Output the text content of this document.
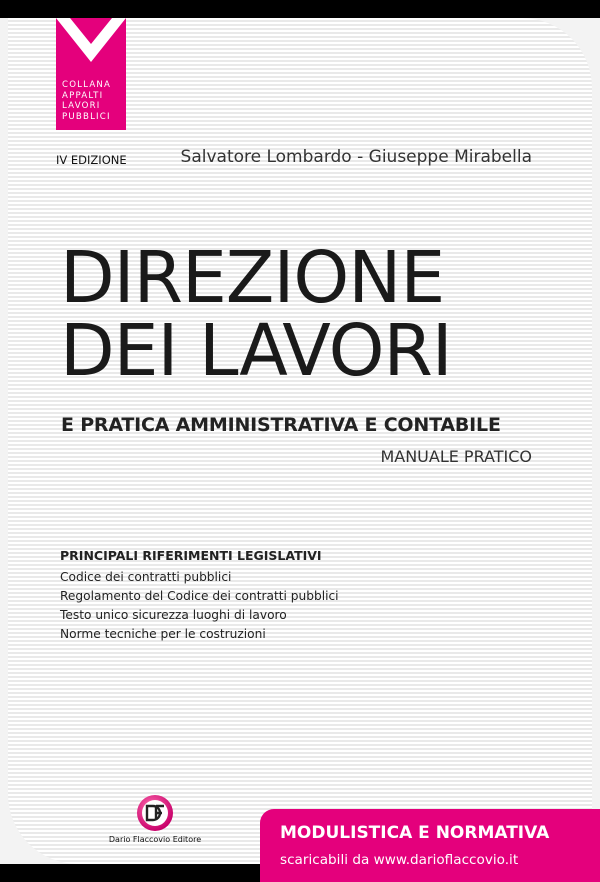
COLLANA
APPALTI
LAVORI
PUBBLICI
IV EDIZIONE	Salvatore Lombardo - Giuseppe Mirabella
DIREZIONE
DEI LAVORI
E PRATICA AMMINISTRATIVA E CONTABILE
MANUALE PRATICO
PRINCIPALI RIFERIMENTI LEGISLATIVI
Codice dei contratti pubblici
Regolamento del Codice dei contratti pubblici
Testo unico sicurezza luoghi di lavoro
Norme tecniche per le costruzioni
Dario Flaccovio Editore	MODULISTICA E NORMATIVA
scaricabili da www.darioflaccovio.it
